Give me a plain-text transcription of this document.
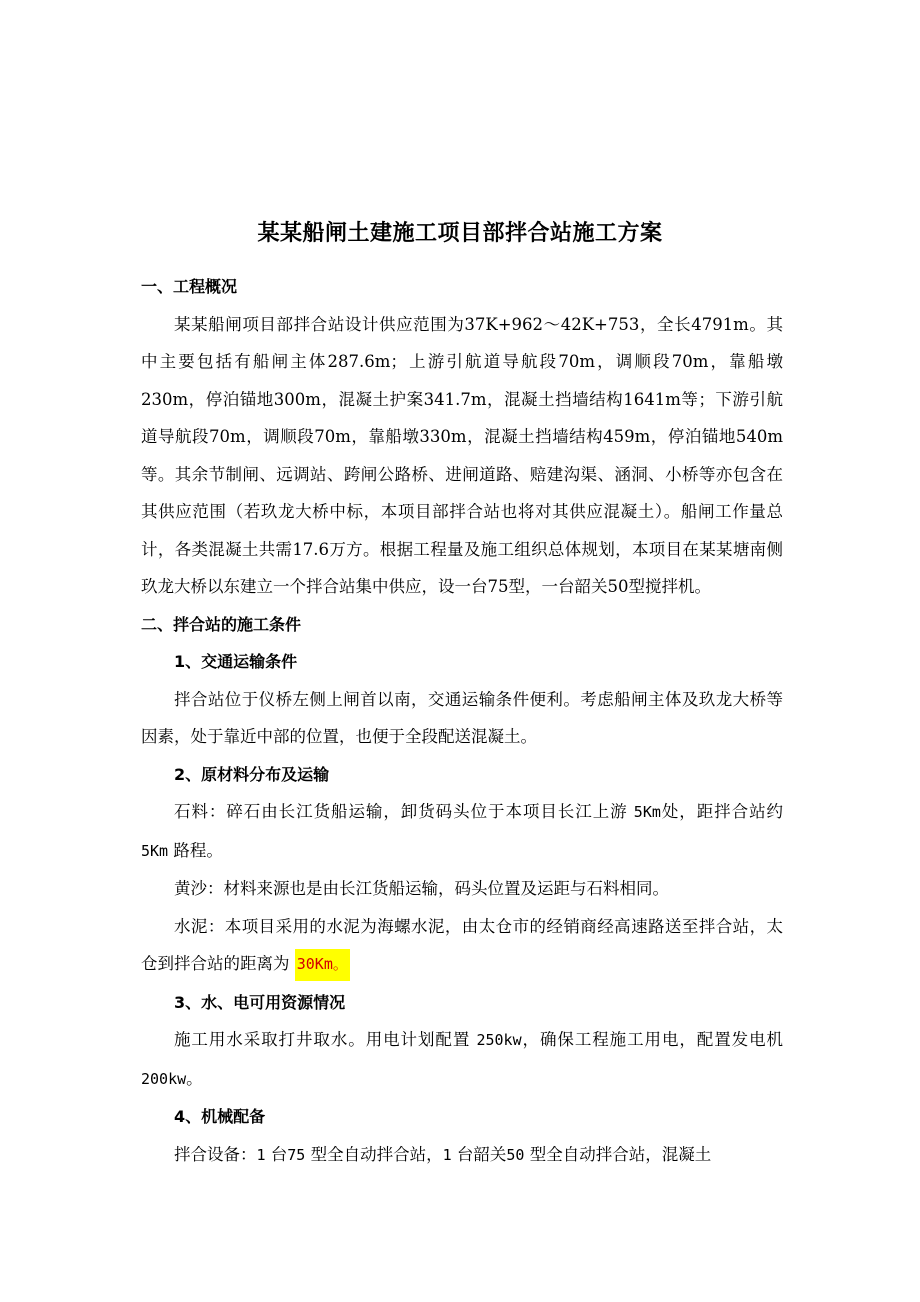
某某船闸土建施工项目部拌合站施工方案

一、工程概况

某某船闸项目部拌合站设计供应范围为37K+962～42K+753，全长4791m。其中主要包括有船闸主体287.6m；上游引航道导航段70m，调顺段70m，靠船墩230m，停泊锚地300m，混凝土护案341.7m，混凝土挡墙结构1641m等；下游引航道导航段70m，调顺段70m，靠船墩330m，混凝土挡墙结构459m，停泊锚地540m等。其余节制闸、远调站、跨闸公路桥、进闸道路、赔建沟渠、涵洞、小桥等亦包含在其供应范围（若玖龙大桥中标，本项目部拌合站也将对其供应混凝土）。船闸工作量总计，各类混凝土共需17.6万方。根据工程量及施工组织总体规划，本项目在某某塘南侧玖龙大桥以东建立一个拌合站集中供应，设一台75型，一台韶关50型搅拌机。

二、拌合站的施工条件

1、交通运输条件

拌合站位于仪桥左侧上闸首以南，交通运输条件便利。考虑船闸主体及玖龙大桥等因素，处于靠近中部的位置，也便于全段配送混凝土。

2、原材料分布及运输

石料：碎石由长江货船运输，卸货码头位于本项目长江上游 5Km处，距拌合站约 5Km 路程。

黄沙：材料来源也是由长江货船运输，码头位置及运距与石料相同。

水泥：本项目采用的水泥为海螺水泥，由太仓市的经销商经高速路送至拌合站，太仓到拌合站的距离为 30Km。

3、水、电可用资源情况

施工用水采取打井取水。用电计划配置 250kw，确保工程施工用电，配置发电机 200kw。

4、机械配备

拌合设备：1 台75 型全自动拌合站，1 台韶关50 型全自动拌合站，混凝土
